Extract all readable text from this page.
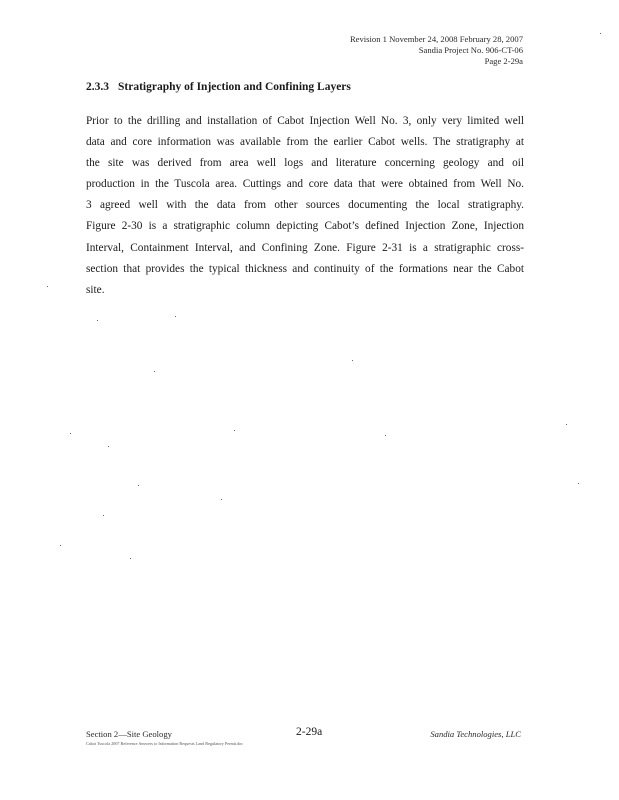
Revision 1 November 24, 2008 February 28, 2007
Sandia Project No. 906-CT-06
Page 2-29a
2.3.3 Stratigraphy of Injection and Confining Layers
Prior to the drilling and installation of Cabot Injection Well No. 3, only very limited well
data and core information was available from the earlier Cabot wells. The stratigraphy at
the site was derived from area well logs and literature concerning geology and oil
production in the Tuscola area. Cuttings and core data that were obtained from Well No.
3 agreed well with the data from other sources documenting the local stratigraphy.
Figure 2-30 is a stratigraphic column depicting Cabot’s defined Injection Zone, Injection
Interval, Containment Interval, and Confining Zone. Figure 2-31 is a stratigraphic cross-
section that provides the typical thickness and continuity of the formations near the Cabot
site.
Section 2—Site Geology	2-29a	Sandia Technologies, LLC
Cabot Tuscola 2007 Reference Answers to Information Requests Land Regulatory Permit.doc
